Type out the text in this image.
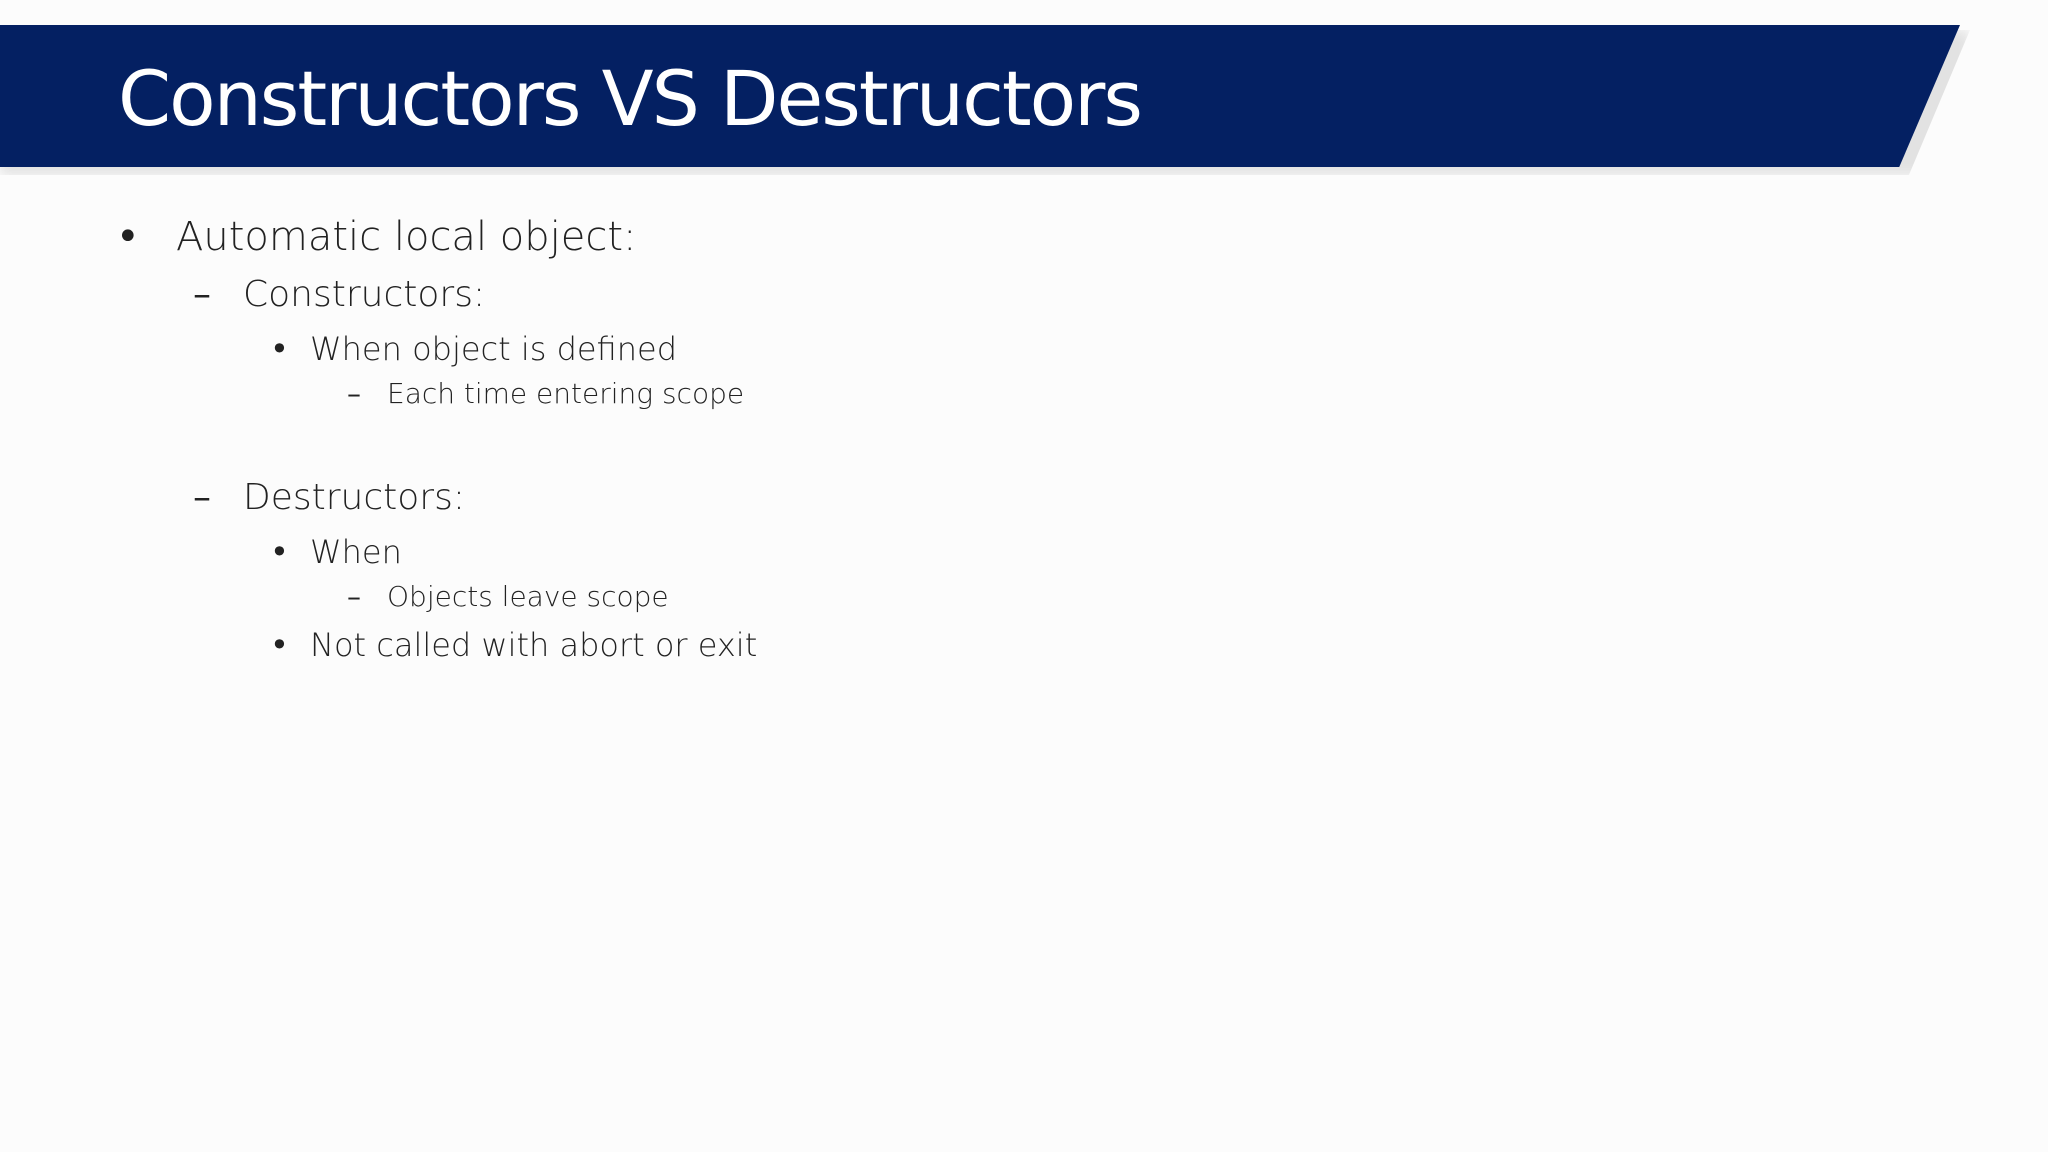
Constructors VS Destructors
• Automatic local object:
– Constructors:
• When object is defined
– Each time entering scope
– Destructors:
• When
– Objects leave scope
• Not called with abort or exit
